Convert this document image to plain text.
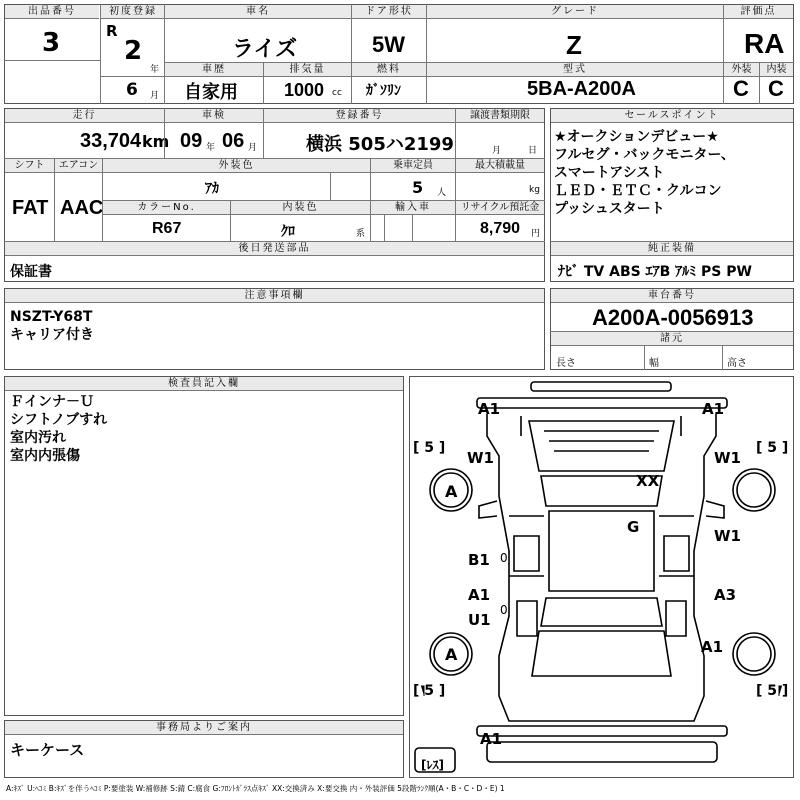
出品番号
3
初度登録
R
2
年
6 月
車名
ライズ
ドア形状
5W
グレード
Z
評価点
RA
車歴
自家用
排気量
1000 cc
燃料
ｶﾞｿﾘﾝ
型式
5BA-A200A
外装	内装
C C
走行
33,704 km
車検
09 年 06 月
登録番号
横浜 505ハ2199
譲渡書類期限
月	日
セールスポイント
★オークションデビュー★
フルセグ・バックモニター、
スマートアシスト
ＬＥＤ・ＥＴＣ・クルコン
プッシュスタート
純正装備
ﾅﾋﾞ TV ABS ｴｱB ｱﾙﾐ PS PW
シフト
FAT
エアコン
AAC
外装色
ｱｶ
乗車定員
5 人
最大積載量
kg
カラーNo.
R67
内装色
ｸﾛ	系
輸入車	リサイクル預託金
8,790 円
後日発送部品
保証書
注意事項欄
NSZT-Y68T
キャリア付き
車台番号
A200A-0056913
諸元
長さ	幅	高さ
検査員記入欄
Ｆインナ－Ｕ
シフトノブすれ
室内汚れ
室内内張傷
事務局よりご案内
キーケース
[ 5 ]	[ 5 ]
[ 5 ]	[ 5 ]
A1	A1
W1	W1
A
XX
G	W1
B1 0
0
A1	A3
U1
A1
A
A1
[ﾚｽ]
A:ｷｽﾞ U:ﾍｺﾐ B:ｷｽﾞを伴うﾍｺﾐ P:要塗装 W:補修跡 S:錆 C:腐食 G:ﾌﾛﾝﾄｶﾞﾗｽ点ｷｽﾞ XX:交換済み X:要交換 内・外装評価 5段階ﾗﾝｸ順(A・B・C・D・E) 1
